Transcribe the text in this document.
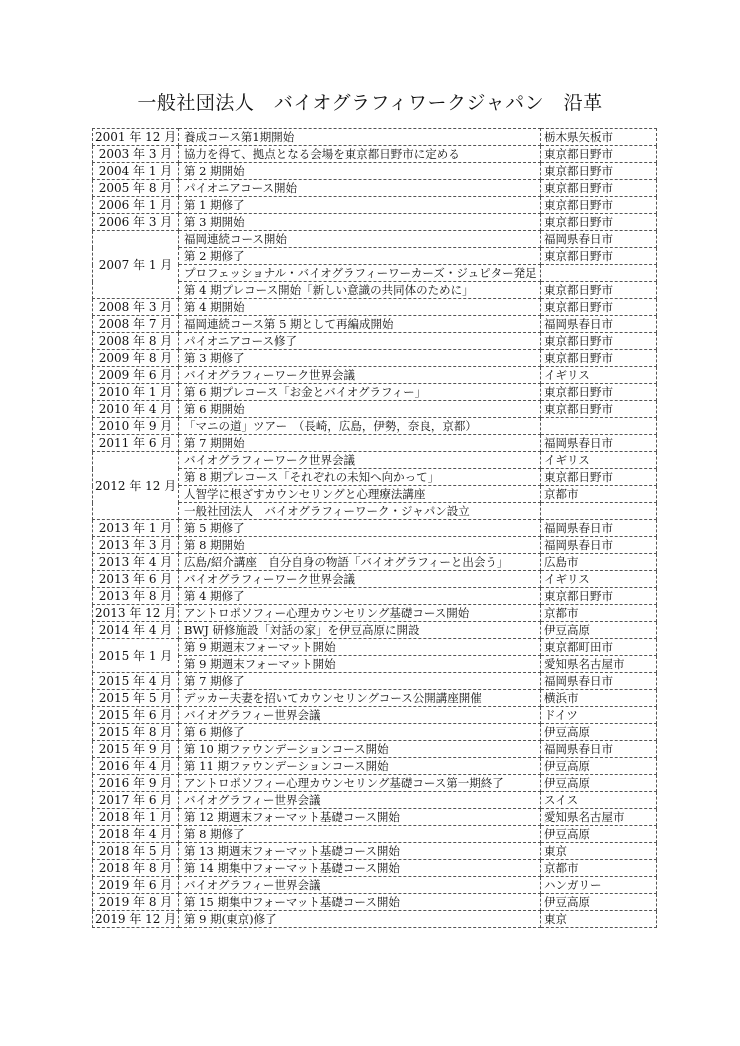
一般社団法人　バイオグラフィワークジャパン　沿革
2001 年 12 月	養成コース第1期開始	栃木県矢板市
2003 年 3 月	協力を得て、拠点となる会場を東京都日野市に定める	東京都日野市
2004 年 1 月	第 2 期開始	東京都日野市
2005 年 8 月	パイオニアコース開始	東京都日野市
2006 年 1 月	第 1 期修了	東京都日野市
2006 年 3 月	第 3 期開始	東京都日野市
2007 年 1 月	福岡連続コース開始	福岡県春日市
	第 2 期修了	東京都日野市
	プロフェッショナル・バイオグラフィーワーカーズ・ジュピター発足	
	第 4 期プレコース開始「新しい意識の共同体のために」	東京都日野市
2008 年 3 月	第 4 期開始	東京都日野市
2008 年 7 月	福岡連続コース第 5 期として再編成開始	福岡県春日市
2008 年 8 月	パイオニアコース修了	東京都日野市
2009 年 8 月	第 3 期修了	東京都日野市
2009 年 6 月	バイオグラフィーワーク世界会議	イギリス
2010 年 1 月	第 6 期プレコース「お金とバイオグラフィー」	東京都日野市
2010 年 4 月	第 6 期開始	東京都日野市
2010 年 9 月	「マニの道」ツアー　（長崎，広島，伊勢，奈良，京都）	
2011 年 6 月	第 7 期開始	福岡県春日市
2012 年 12 月	バイオグラフィーワーク世界会議	イギリス
	第 8 期プレコース「それぞれの未知へ向かって」	東京都日野市
	人智学に根ざすカウンセリングと心理療法講座	京都市
	一般社団法人　バイオグラフィーワーク・ジャパン設立	
2013 年 1 月	第 5 期修了	福岡県春日市
2013 年 3 月	第 8 期開始	福岡県春日市
2013 年 4 月	広島/紹介講座　自分自身の物語「バイオグラフィーと出会う」	広島市
2013 年 6 月	バイオグラフィーワーク世界会議	イギリス
2013 年 8 月	第 4 期修了	東京都日野市
2013 年 12 月	アントロポソフィー心理カウンセリング基礎コース開始	京都市
2014 年 4 月	BWJ 研修施設「対話の家」を伊豆高原に開設	伊豆高原
2015 年 1 月	第 9 期週末フォーマット開始	東京都町田市
	第 9 期週末フォーマット開始	愛知県名古屋市
2015 年 4 月	第 7 期修了	福岡県春日市
2015 年 5 月	デッカー夫妻を招いてカウンセリングコース公開講座開催	横浜市
2015 年 6 月	バイオグラフィー世界会議	ドイツ
2015 年 8 月	第 6 期修了	伊豆高原
2015 年 9 月	第 10 期ファウンデーションコース開始	福岡県春日市
2016 年 4 月	第 11 期ファウンデーションコース開始	伊豆高原
2016 年 9 月	アントロポソフィー心理カウンセリング基礎コース第一期終了	伊豆高原
2017 年 6 月	バイオグラフィー世界会議	スイス
2018 年 1 月	第 12 期週末フォーマット基礎コース開始	愛知県名古屋市
2018 年 4 月	第 8 期修了	伊豆高原
2018 年 5 月	第 13 期週末フォーマット基礎コース開始	東京
2018 年 8 月	第 14 期集中フォーマット基礎コース開始	京都市
2019 年 6 月	バイオグラフィー世界会議	ハンガリー
2019 年 8 月	第 15 期集中フォーマット基礎コース開始	伊豆高原
2019 年 12 月	第 9 期(東京)修了	東京
